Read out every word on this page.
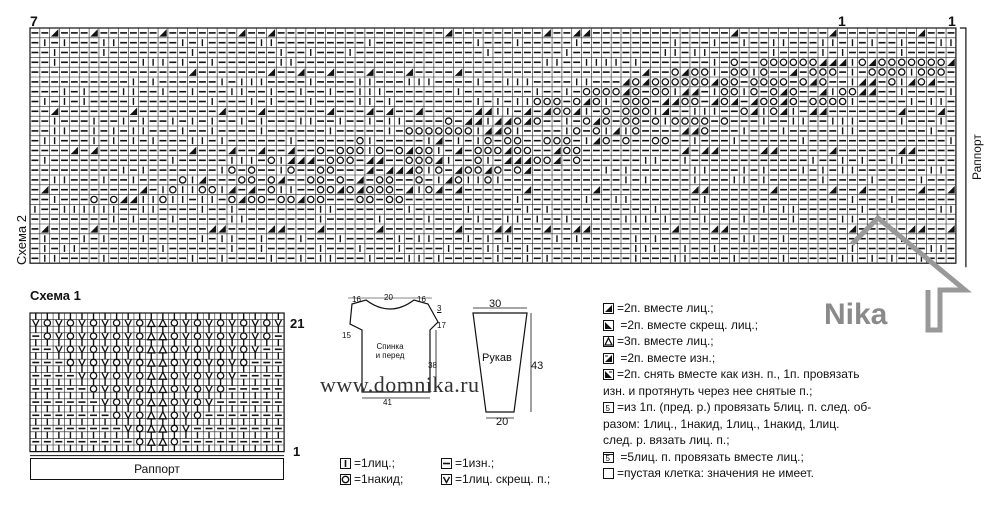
Схема 2
Раппорт
7	1	1
Схема 1
21
1
Раппорт
Спинка
и перед	Рукав
16	20	16
3
17
15
38
41
30
43
20
www.domnika.ru
Nika
=2п. вместе лиц.;
=2п. вместе скрещ. лиц.;
=3п. вместе лиц.;
=2п. вместе изн.;
=2п. снять вместе как изн. п., 1п. провязать
изн. и протянуть через нее снятые п.;
5 =из 1п. (пред. р.) провязать 5лиц. п. след. об-
разом: 1лиц., 1накид, 1лиц., 1накид, 1лиц.
след. р. вязать лиц. п.;
5 =5лиц. п. провязать вместе лиц.;
=пустая клетка: значения не имеет.
=1лиц.;	=1изн.;
=1накид;	=1лиц. скрещ. п.;
